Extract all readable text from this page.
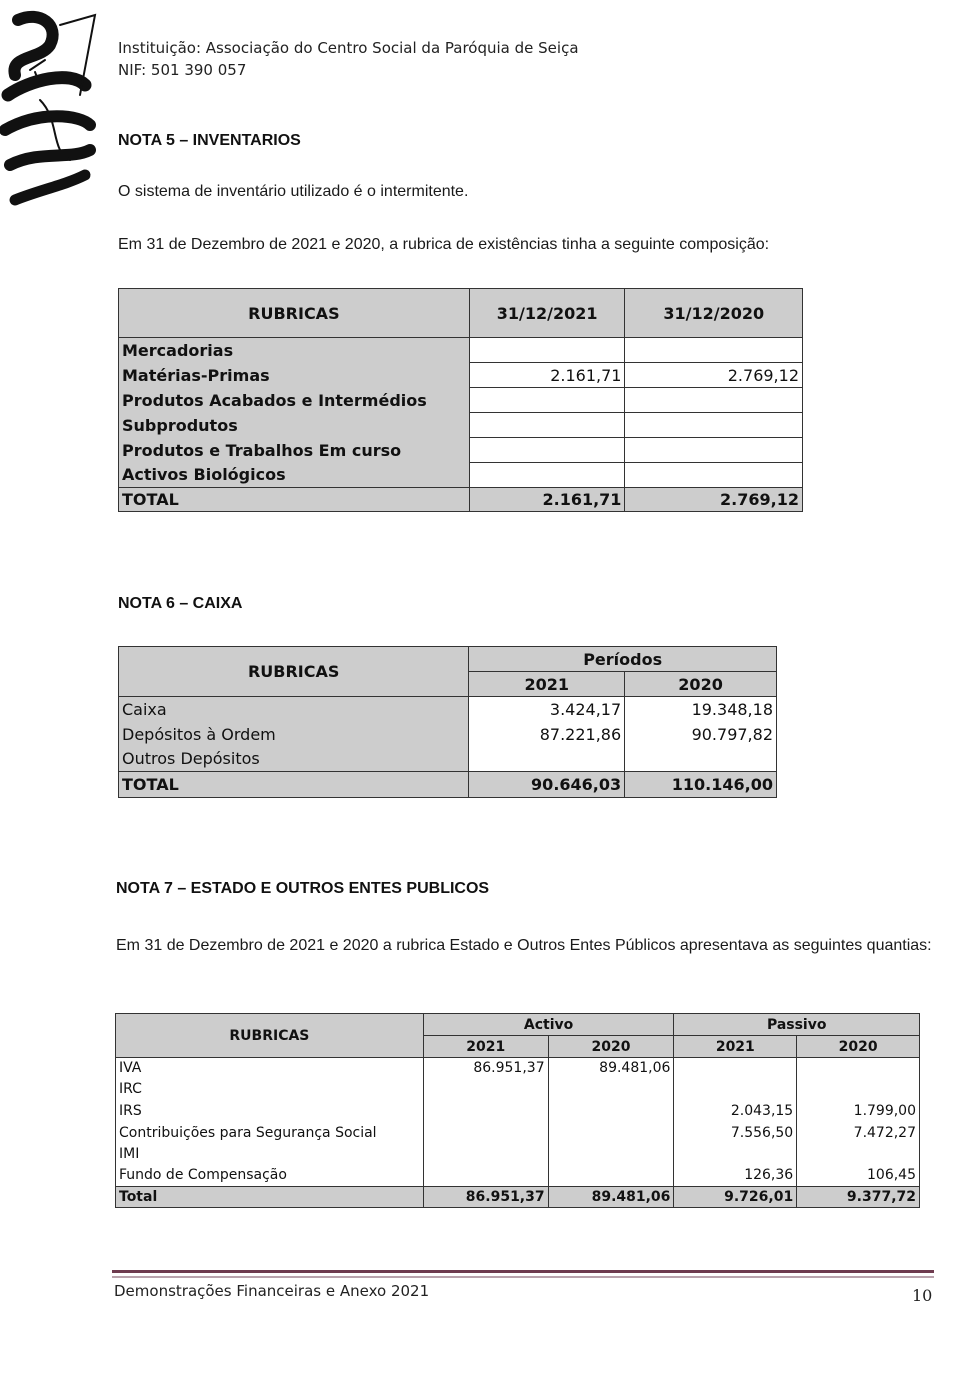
Instituição: Associação do Centro Social da Paróquia de Seiça
NIF: 501 390 057
NOTA 5 – INVENTARIOS
O sistema de inventário utilizado é o intermitente.
Em 31 de Dezembro de 2021 e 2020, a rubrica de existências tinha a seguinte composição:
RUBRICAS	31/12/2021	31/12/2020
Mercadorias		
Matérias-Primas	2.161,71	2.769,12
Produtos Acabados e Intermédios		
Subprodutos		
Produtos e Trabalhos Em curso		
Activos Biológicos		
TOTAL	2.161,71	2.769,12
NOTA 6 – CAIXA
RUBRICAS	Períodos	
	2021	2020
Caixa	3.424,17	19.348,18
Depósitos à Ordem	87.221,86	90.797,82
Outros Depósitos		
TOTAL	90.646,03	110.146,00
NOTA 7 – ESTADO E OUTROS ENTES PUBLICOS
Em 31 de Dezembro de 2021 e 2020 a rubrica Estado e Outros Entes Públicos apresentava as seguintes quantias:
RUBRICAS	Activo		Passivo	
	2021	2020	2021	2020
IVA	86.951,37	89.481,06		
IRC				
IRS			2.043,15	1.799,00
Contribuições para Segurança Social			7.556,50	7.472,27
IMI				
Fundo de Compensação			126,36	106,45
Total	86.951,37	89.481,06	9.726,01	9.377,72
Demonstrações Financeiras e Anexo 2021	10
